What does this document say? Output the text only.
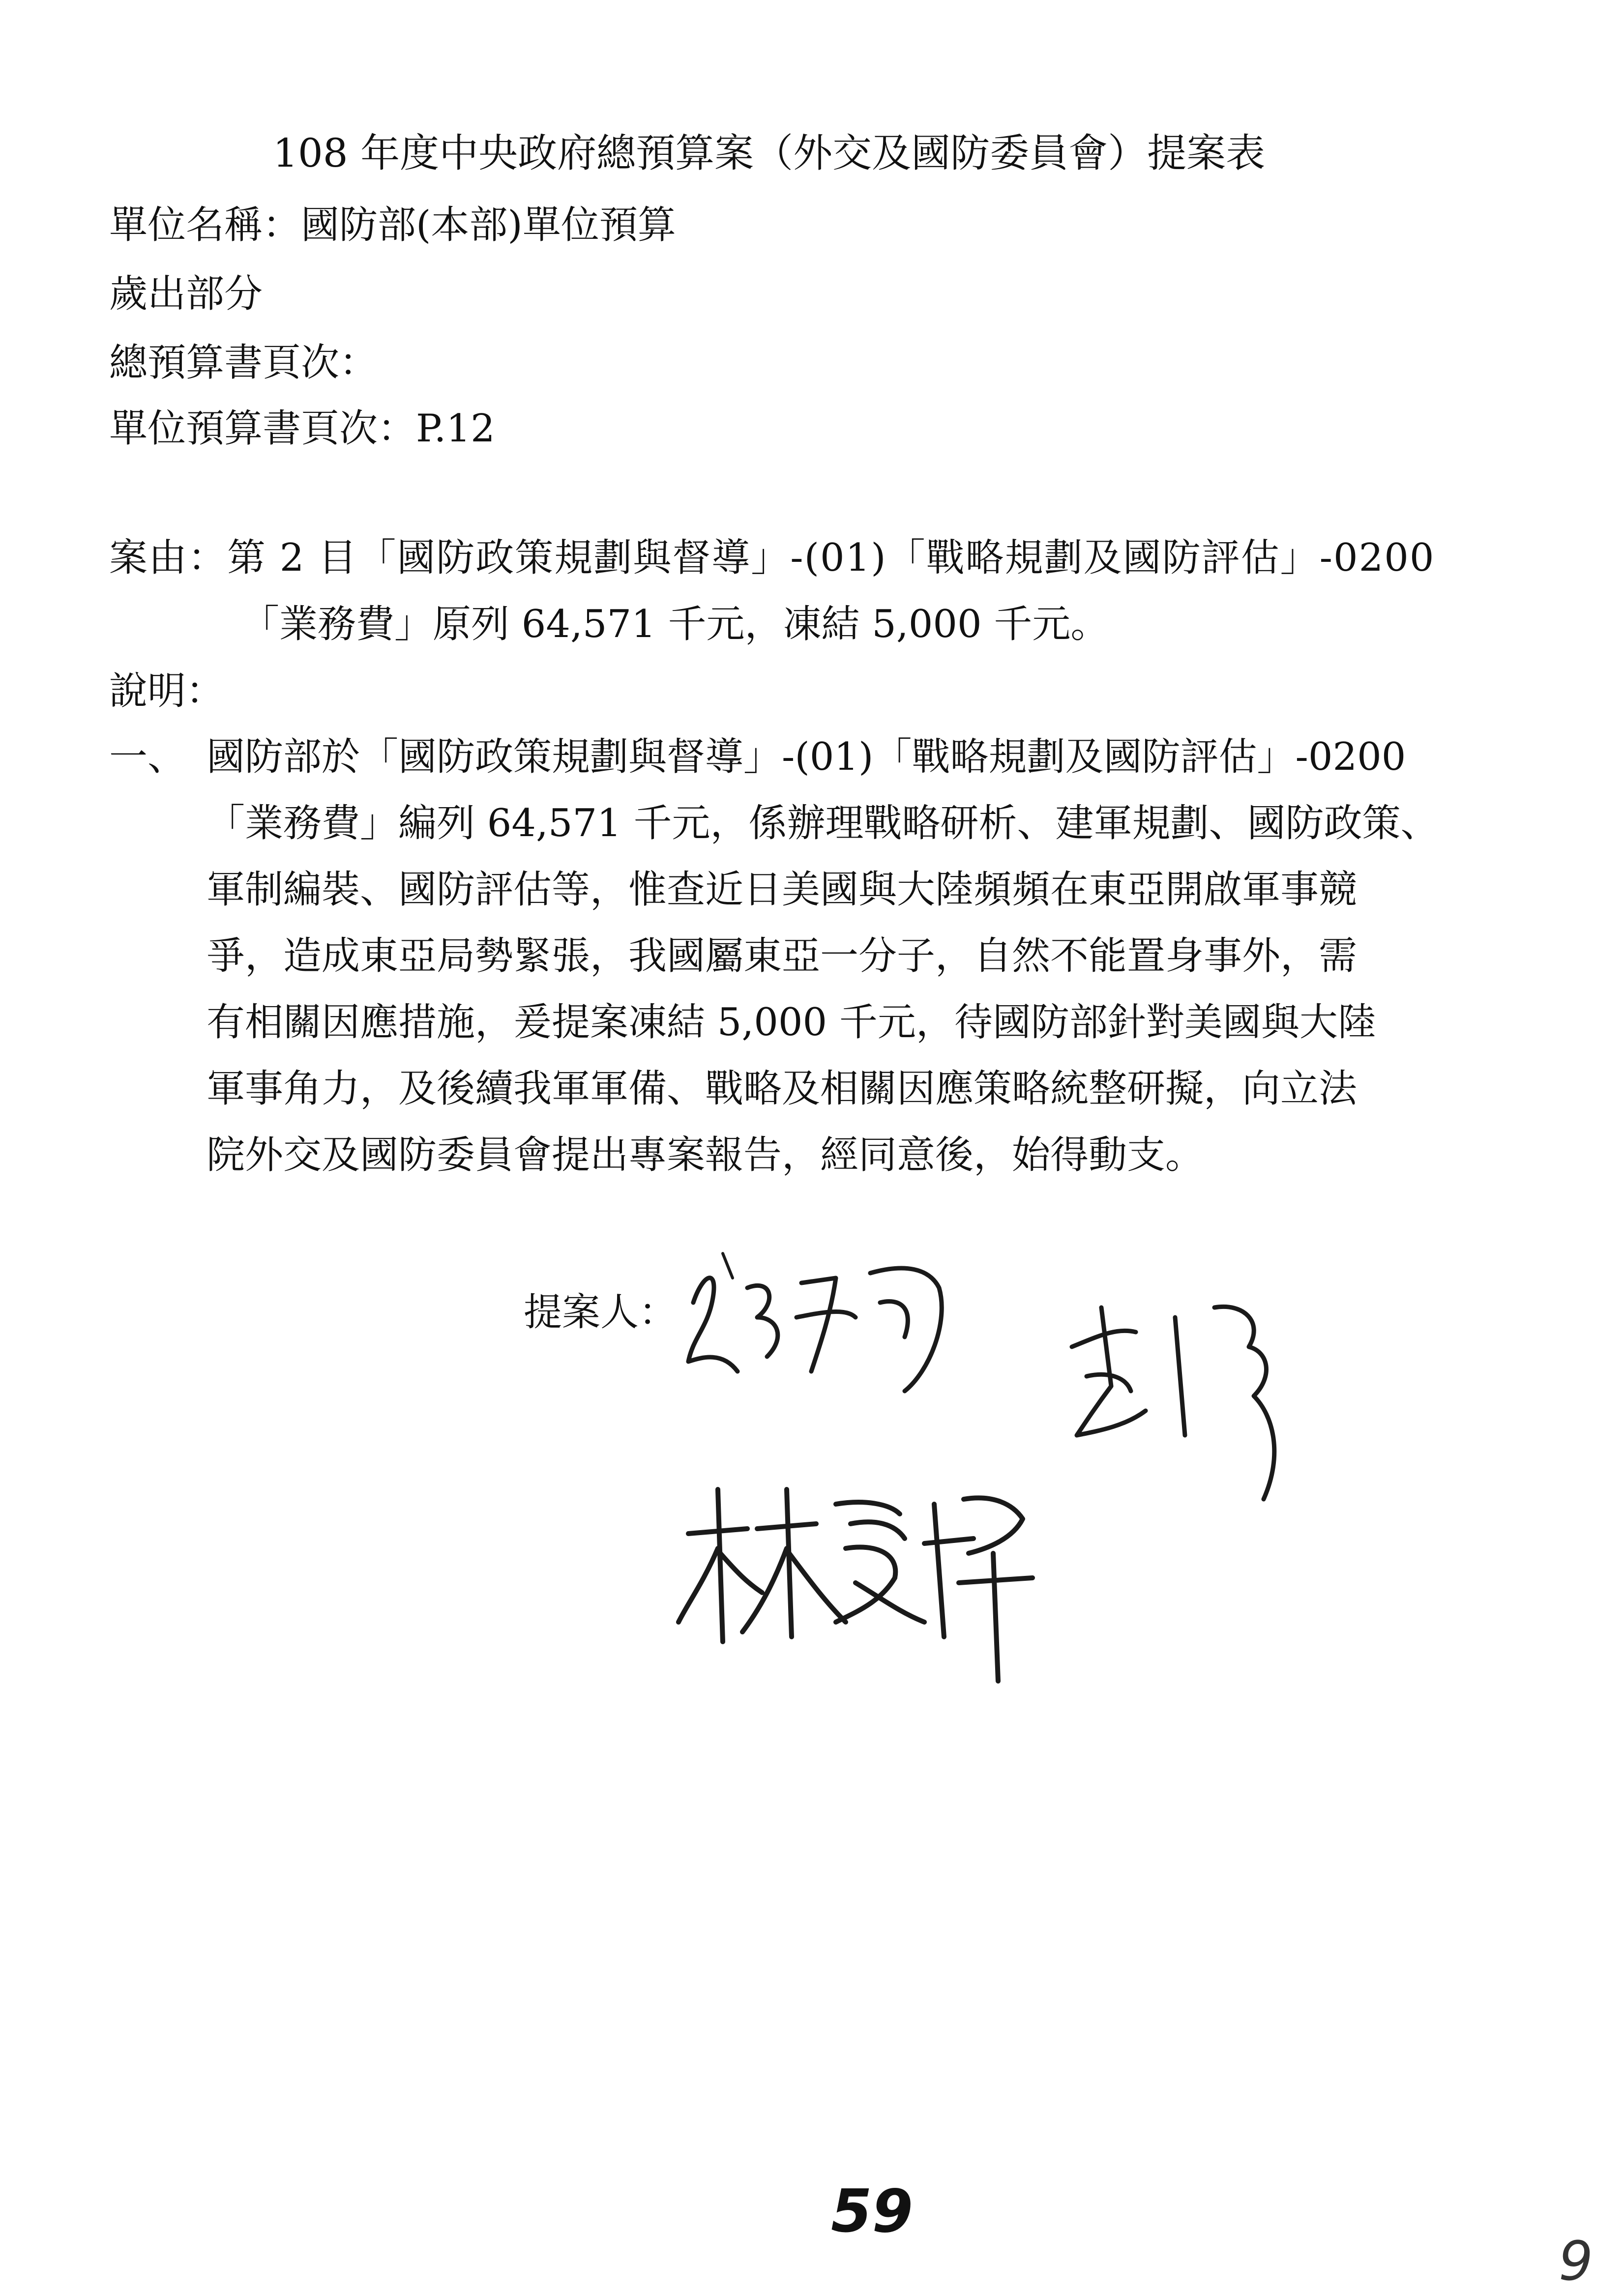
108 年度中央政府總預算案（外交及國防委員會）提案表
單位名稱：國防部(本部)單位預算
歲出部分
總預算書頁次：
單位預算書頁次：P.12
案由：第 2 目「國防政策規劃與督導」-(01)「戰略規劃及國防評估」-0200
「業務費」原列 64,571 千元，凍結 5,000 千元。
說明：
一、 國防部於「國防政策規劃與督導」-(01)「戰略規劃及國防評估」-0200
「業務費」編列 64,571 千元，係辦理戰略研析、建軍規劃、國防政策、
軍制編裝、國防評估等，惟查近日美國與大陸頻頻在東亞開啟軍事競
爭，造成東亞局勢緊張，我國屬東亞一分子，自然不能置身事外，需
有相關因應措施，爰提案凍結 5,000 千元，待國防部針對美國與大陸
軍事角力，及後續我軍軍備、戰略及相關因應策略統整研擬，向立法
院外交及國防委員會提出專案報告，經同意後，始得動支。
提案人：
59
9
